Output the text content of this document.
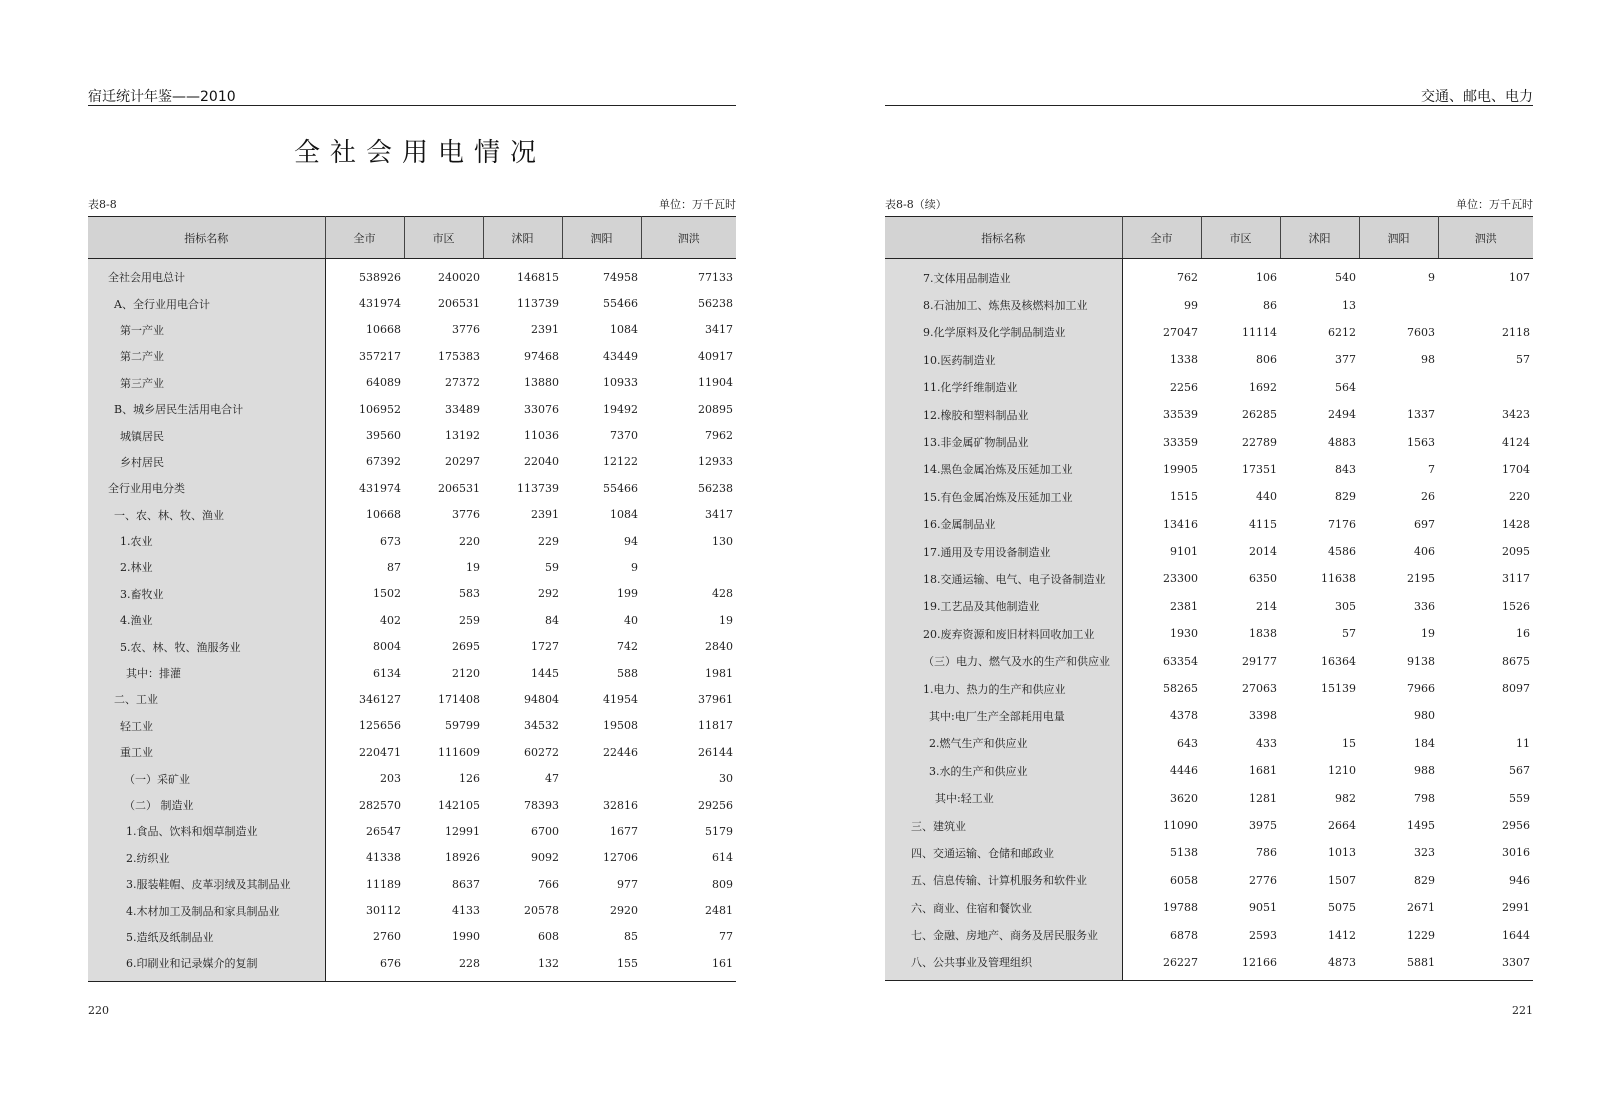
宿迁统计年鉴——2010
全社会用电情况
表8-8	单位：万千瓦时
指标名称	全市	市区	沭阳	泗阳	泗洪
全社会用电总计	538926	240020	146815	74958	77133
A、全行业用电合计	431974	206531	113739	55466	56238
第一产业	10668	3776	2391	1084	3417
第二产业	357217	175383	97468	43449	40917
第三产业	64089	27372	13880	10933	11904
B、城乡居民生活用电合计	106952	33489	33076	19492	20895
城镇居民	39560	13192	11036	7370	7962
乡村居民	67392	20297	22040	12122	12933
全行业用电分类	431974	206531	113739	55466	56238
一、农、林、牧、渔业	10668	3776	2391	1084	3417
1.农业	673	220	229	94	130
2.林业	87	19	59	9	
3.畜牧业	1502	583	292	199	428
4.渔业	402	259	84	40	19
5.农、林、牧、渔服务业	8004	2695	1727	742	2840
其中：排灌	6134	2120	1445	588	1981
二、工业	346127	171408	94804	41954	37961
轻工业	125656	59799	34532	19508	11817
重工业	220471	111609	60272	22446	26144
（一）采矿业	203	126	47		30
（二） 制造业	282570	142105	78393	32816	29256
1.食品、饮料和烟草制造业	26547	12991	6700	1677	5179
2.纺织业	41338	18926	9092	12706	614
3.服装鞋帽、皮革羽绒及其制品业	11189	8637	766	977	809
4.木材加工及制品和家具制品业	30112	4133	20578	2920	2481
5.造纸及纸制品业	2760	1990	608	85	77
6.印刷业和记录媒介的复制	676	228	132	155	161
220
交通、邮电、电力
表8-8（续）	单位：万千瓦时
指标名称	全市	市区	沭阳	泗阳	泗洪
7.文体用品制造业	762	106	540	9	107
8.石油加工、炼焦及核燃料加工业	99	86	13		
9.化学原料及化学制品制造业	27047	11114	6212	7603	2118
10.医药制造业	1338	806	377	98	57
11.化学纤维制造业	2256	1692	564		
12.橡胶和塑料制品业	33539	26285	2494	1337	3423
13.非金属矿物制品业	33359	22789	4883	1563	4124
14.黑色金属冶炼及压延加工业	19905	17351	843	7	1704
15.有色金属冶炼及压延加工业	1515	440	829	26	220
16.金属制品业	13416	4115	7176	697	1428
17.通用及专用设备制造业	9101	2014	4586	406	2095
18.交通运输、电气、电子设备制造业	23300	6350	11638	2195	3117
19.工艺品及其他制造业	2381	214	305	336	1526
20.废弃资源和废旧材料回收加工业	1930	1838	57	19	16
（三）电力、燃气及水的生产和供应业	63354	29177	16364	9138	8675
1.电力、热力的生产和供应业	58265	27063	15139	7966	8097
其中:电厂生产全部耗用电量	4378	3398		980	
2.燃气生产和供应业	643	433	15	184	11
3.水的生产和供应业	4446	1681	1210	988	567
其中:轻工业	3620	1281	982	798	559
三、建筑业	11090	3975	2664	1495	2956
四、交通运输、仓储和邮政业	5138	786	1013	323	3016
五、信息传输、计算机服务和软件业	6058	2776	1507	829	946
六、商业、住宿和餐饮业	19788	9051	5075	2671	2991
七、金融、房地产、商务及居民服务业	6878	2593	1412	1229	1644
八、公共事业及管理组织	26227	12166	4873	5881	3307
221
